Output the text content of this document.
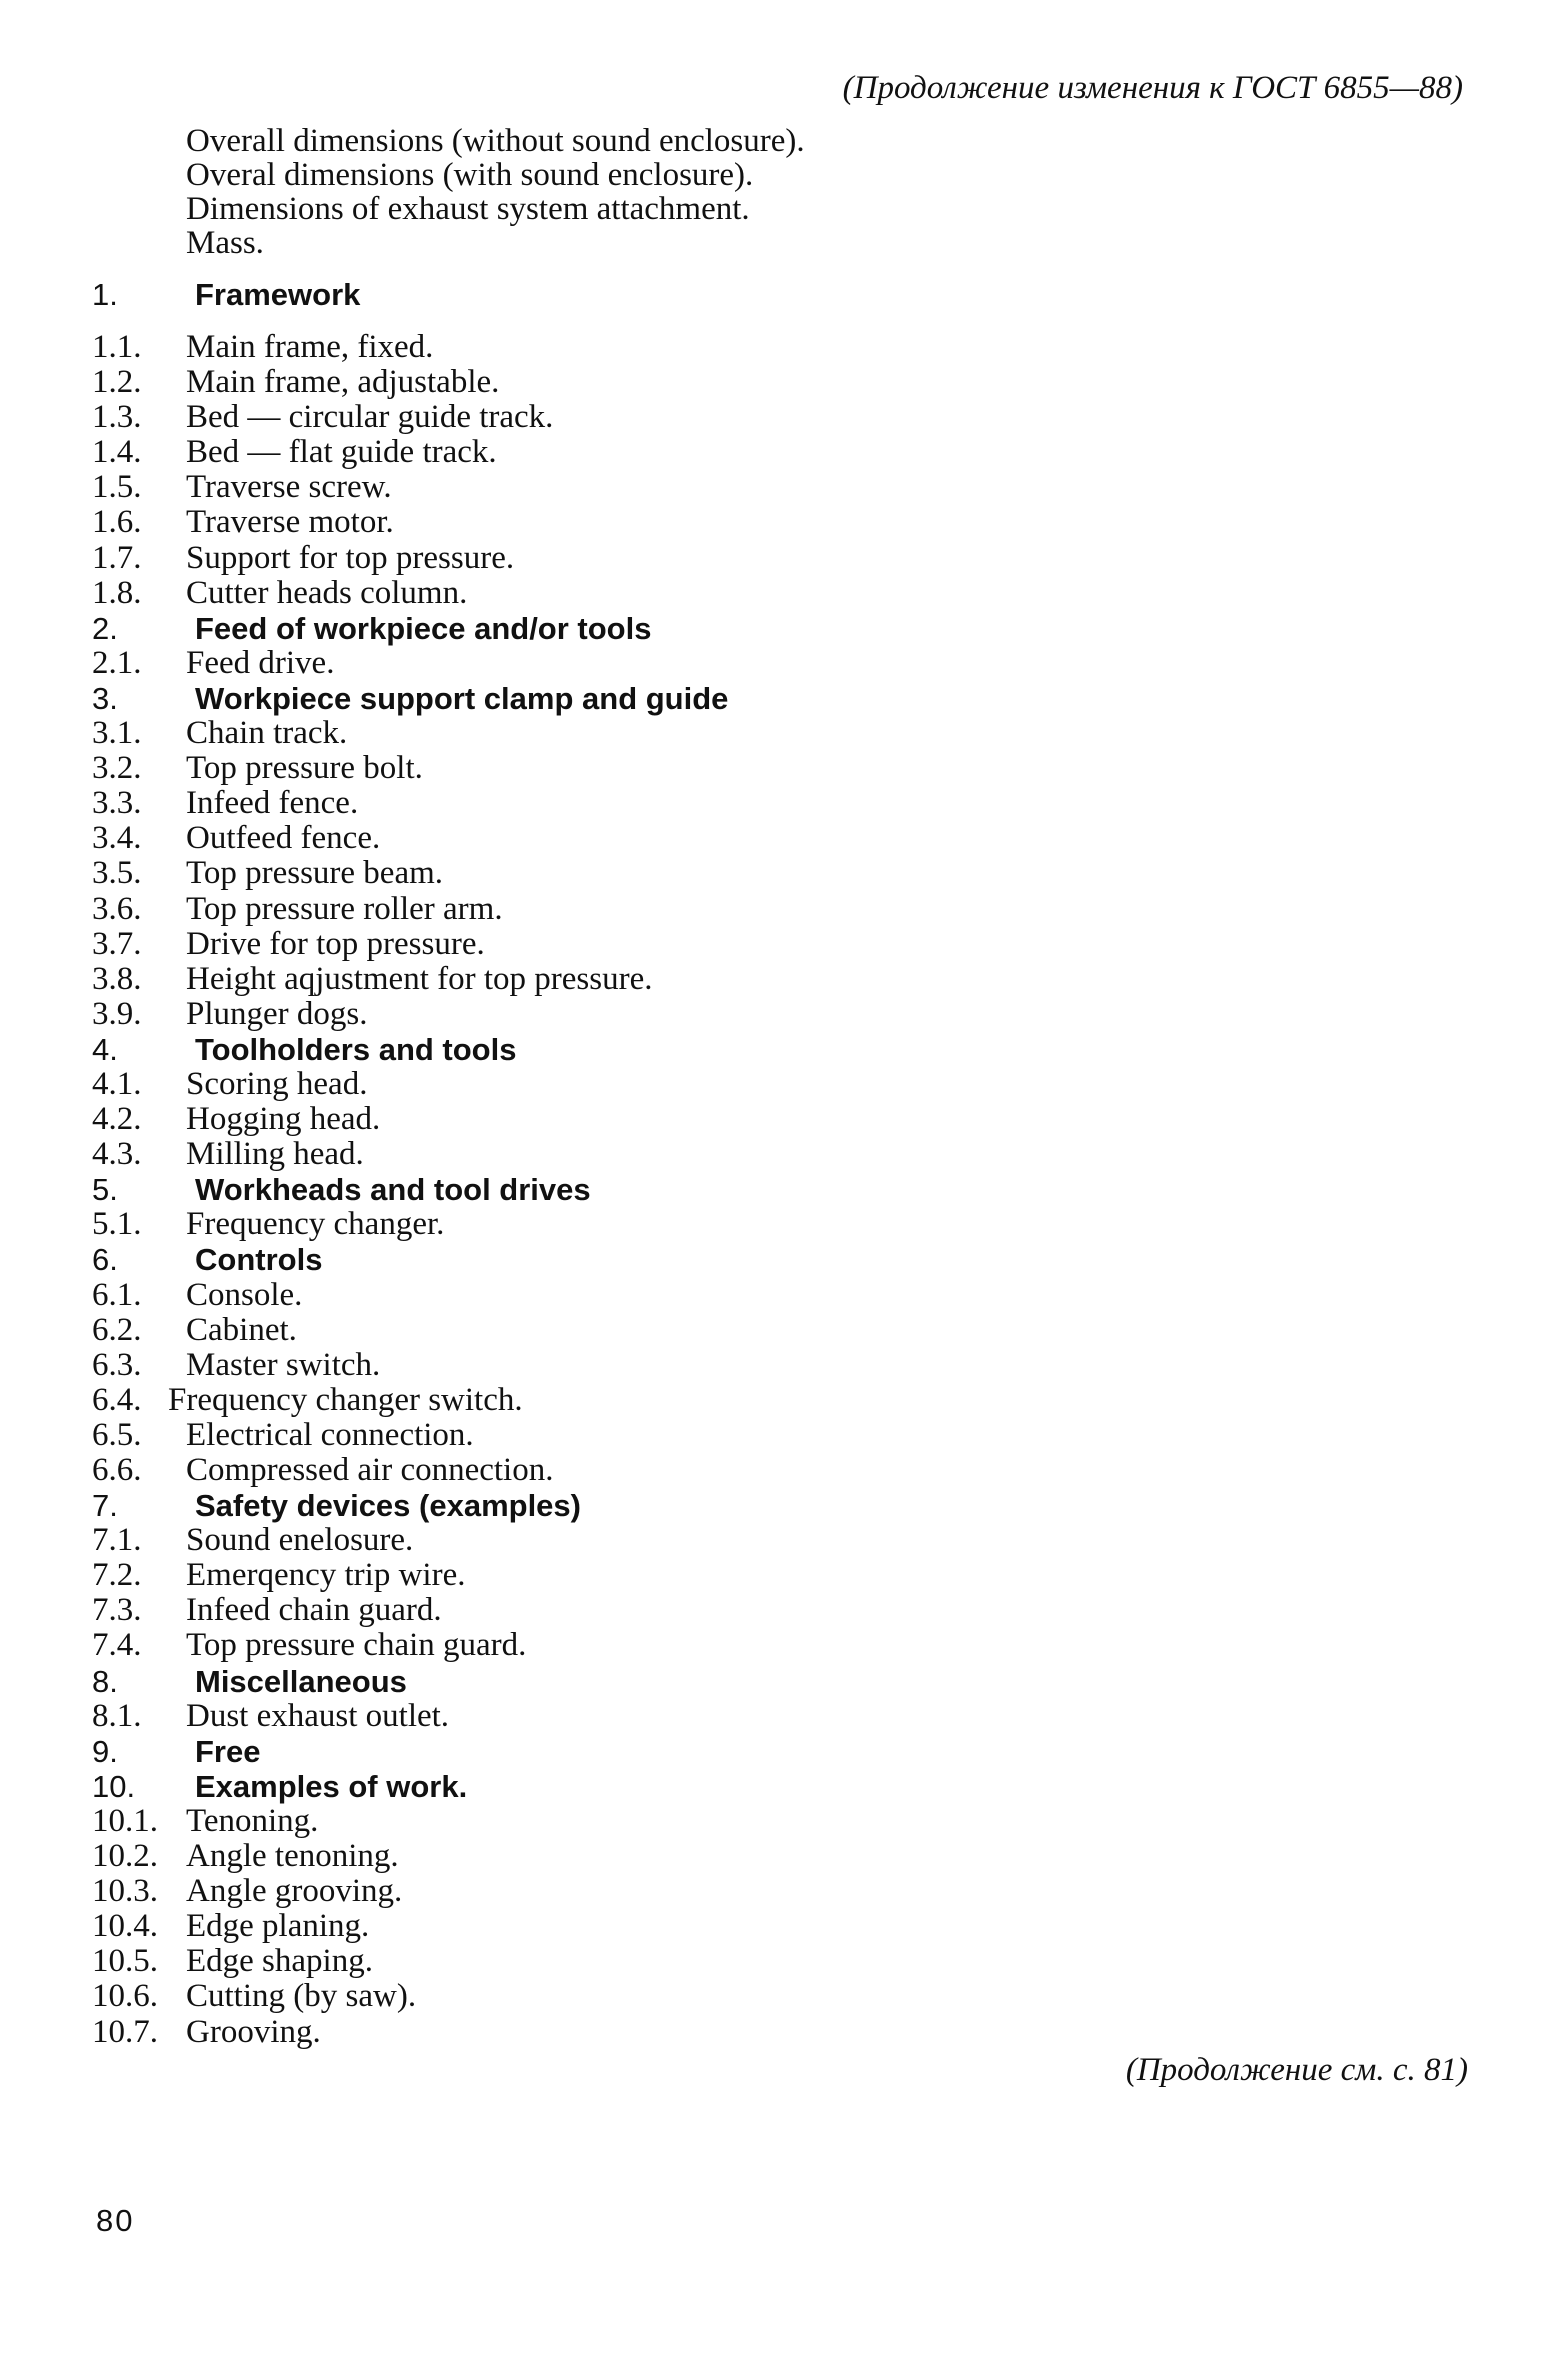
(Продолжение изменения к ГОСТ 6855—88)
Overall dimensions (without sound enclosure).
Overal dimensions (with sound enclosure).
Dimensions of exhaust system attachment.
Mass.
1. Framework
1.1. Main frame, fixed.
1.2. Main frame, adjustable.
1.3. Bed — circular guide track.
1.4. Bed — flat guide track.
1.5. Traverse screw.
1.6. Traverse motor.
1.7. Support for top pressure.
1.8. Cutter heads column.
2. Feed of workpiece and/or tools
2.1. Feed drive.
3. Workpiece support clamp and guide
3.1. Chain track.
3.2. Top pressure bolt.
3.3. Infeed fence.
3.4. Outfeed fence.
3.5. Top pressure beam.
3.6. Top pressure roller arm.
3.7. Drive for top pressure.
3.8. Height aqjustment for top pressure.
3.9. Plunger dogs.
4. Toolholders and tools
4.1. Scoring head.
4.2. Hogging head.
4.3. Milling head.
5. Workheads and tool drives
5.1. Frequency changer.
6. Controls
6.1. Console.
6.2. Cabinet.
6.3. Master switch.
6.4. Frequency changer switch.
6.5. Electrical connection.
6.6. Compressed air connection.
7. Safety devices (examples)
7.1. Sound enelosure.
7.2. Emerqency trip wire.
7.3. Infeed chain guard.
7.4. Top pressure chain guard.
8. Miscellaneous
8.1. Dust exhaust outlet.
9. Free
10. Examples of work.
10.1. Tenoning.
10.2. Angle tenoning.
10.3. Angle grooving.
10.4. Edge planing.
10.5. Edge shaping.
10.6. Cutting (by saw).
10.7. Grooving.
(Продолжение см. с. 81)
80
